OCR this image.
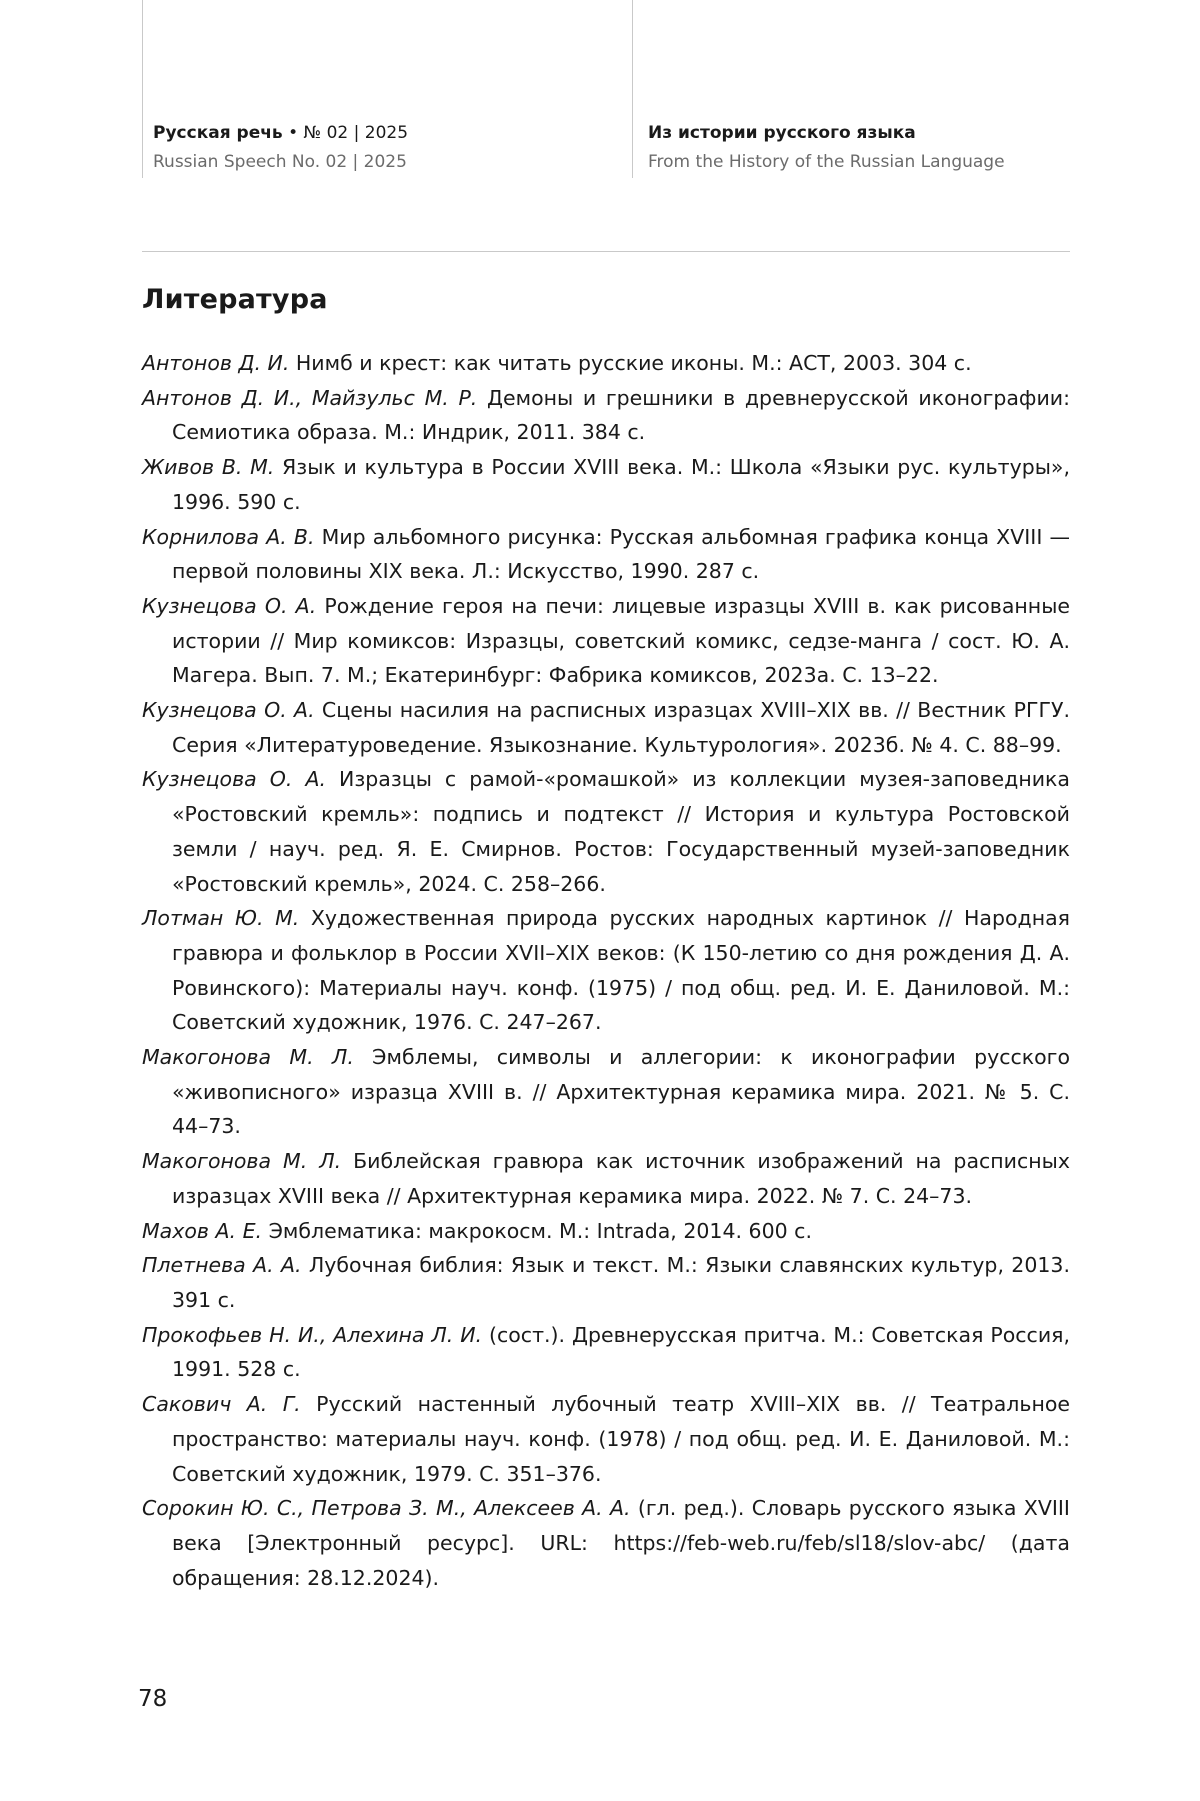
Русская речь • № 02 | 2025
Russian Speech No. 02 | 2025
Из истории русского языка
From the History of the Russian Language
Литература
Антонов Д. И. Нимб и крест: как читать русские иконы. М.: АСТ, 2003. 304 с.
Антонов Д. И., Майзульс М. Р. Демоны и грешники в древнерусской иконографии: Семиотика образа. М.: Индрик, 2011. 384 с.
Живов В. М. Язык и культура в России XVIII века. М.: Школа «Языки рус. культуры», 1996. 590 с.
Корнилова А. В. Мир альбомного рисунка: Русская альбомная графика конца XVIII — первой половины XIX века. Л.: Искусство, 1990. 287 с.
Кузнецова О. А. Рождение героя на печи: лицевые изразцы XVIII в. как рисованные истории // Мир комиксов: Изразцы, советский комикс, седзе-манга / сост. Ю. А. Магера. Вып. 7. М.; Екатеринбург: Фабрика комиксов, 2023а. С. 13–22.
Кузнецова О. А. Сцены насилия на расписных изразцах XVIII–XIX вв. // Вестник РГГУ. Серия «Литературоведение. Языкознание. Культурология». 2023б. № 4. С. 88–99.
Кузнецова О. А. Изразцы с рамой-«ромашкой» из коллекции музея-заповедника «Ростовский кремль»: подпись и подтекст // История и культура Ростовской земли / науч. ред. Я. Е. Смирнов. Ростов: Государственный музей-заповедник «Ростовский кремль», 2024. С. 258–266.
Лотман Ю. М. Художественная природа русских народных картинок // Народная гравюра и фольклор в России XVII–XIX веков: (К 150-летию со дня рождения Д. А. Ровинского): Материалы науч. конф. (1975) / под общ. ред. И. Е. Даниловой. М.: Советский художник, 1976. С. 247–267.
Макогонова М. Л. Эмблемы, символы и аллегории: к иконографии русского «живописного» изразца XVIII в. // Архитектурная керамика мира. 2021. № 5. С. 44–73.
Макогонова М. Л. Библейская гравюра как источник изображений на расписных изразцах XVIII века // Архитектурная керамика мира. 2022. № 7. С. 24–73.
Махов А. Е. Эмблематика: макрокосм. М.: Intrada, 2014. 600 с.
Плетнева А. А. Лубочная библия: Язык и текст. М.: Языки славянских культур, 2013. 391 с.
Прокофьев Н. И., Алехина Л. И. (сост.). Древнерусская притча. М.: Советская Россия, 1991. 528 с.
Сакович А. Г. Русский настенный лубочный театр XVIII–XIX вв. // Театральное пространство: материалы науч. конф. (1978) / под общ. ред. И. Е. Даниловой. М.: Советский художник, 1979. С. 351–376.
Сорокин Ю. С., Петрова З. М., Алексеев А. А. (гл. ред.). Словарь русского языка XVIII века [Электронный ресурс]. URL: https://feb-web.ru/feb/sl18/slov-abc/ (дата обращения: 28.12.2024).
78
